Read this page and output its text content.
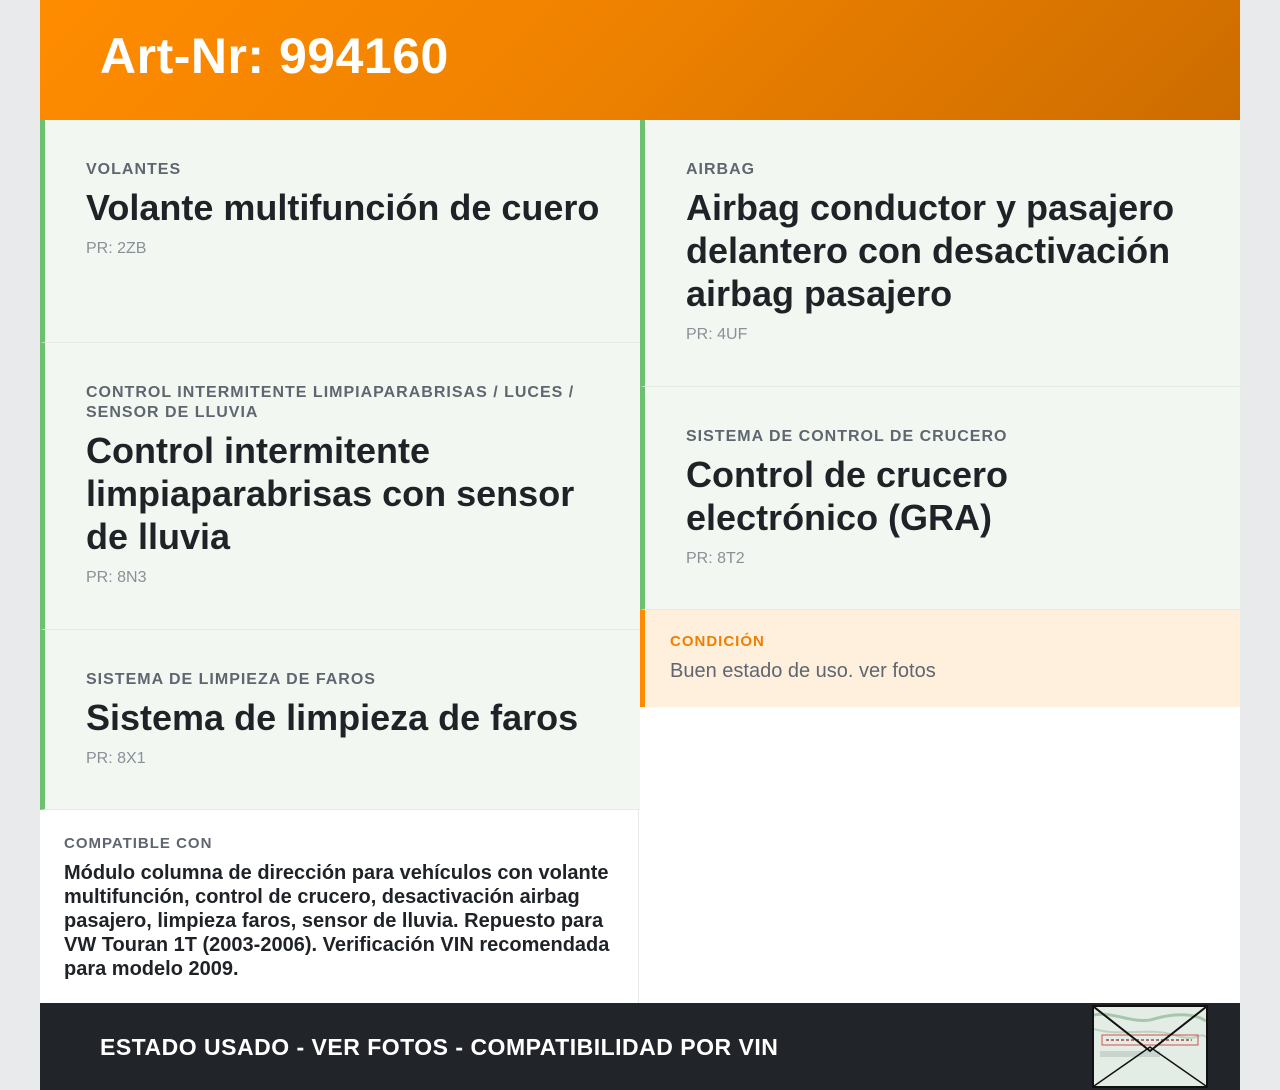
Art-Nr: 994160
VOLANTES
Volante multifunción de cuero
PR: 2ZB
CONTROL INTERMITENTE LIMPIAPARABRISAS / LUCES / SENSOR DE LLUVIA
Control intermitente limpiaparabrisas con sensor de lluvia
PR: 8N3
SISTEMA DE LIMPIEZA DE FAROS
Sistema de limpieza de faros
PR: 8X1
AIRBAG
Airbag conductor y pasajero delantero con desactivación airbag pasajero
PR: 4UF
SISTEMA DE CONTROL DE CRUCERO
Control de crucero electrónico (GRA)
PR: 8T2
CONDICIÓN
Buen estado de uso. ver fotos
COMPATIBLE CON
Módulo columna de dirección para vehículos con volante multifunción, control de crucero, desactivación airbag pasajero, limpieza faros, sensor de lluvia. Repuesto para VW Touran 1T (2003-2006). Verificación VIN recomendada para modelo 2009.
ESTADO USADO - VER FOTOS - COMPATIBILIDAD POR VIN
